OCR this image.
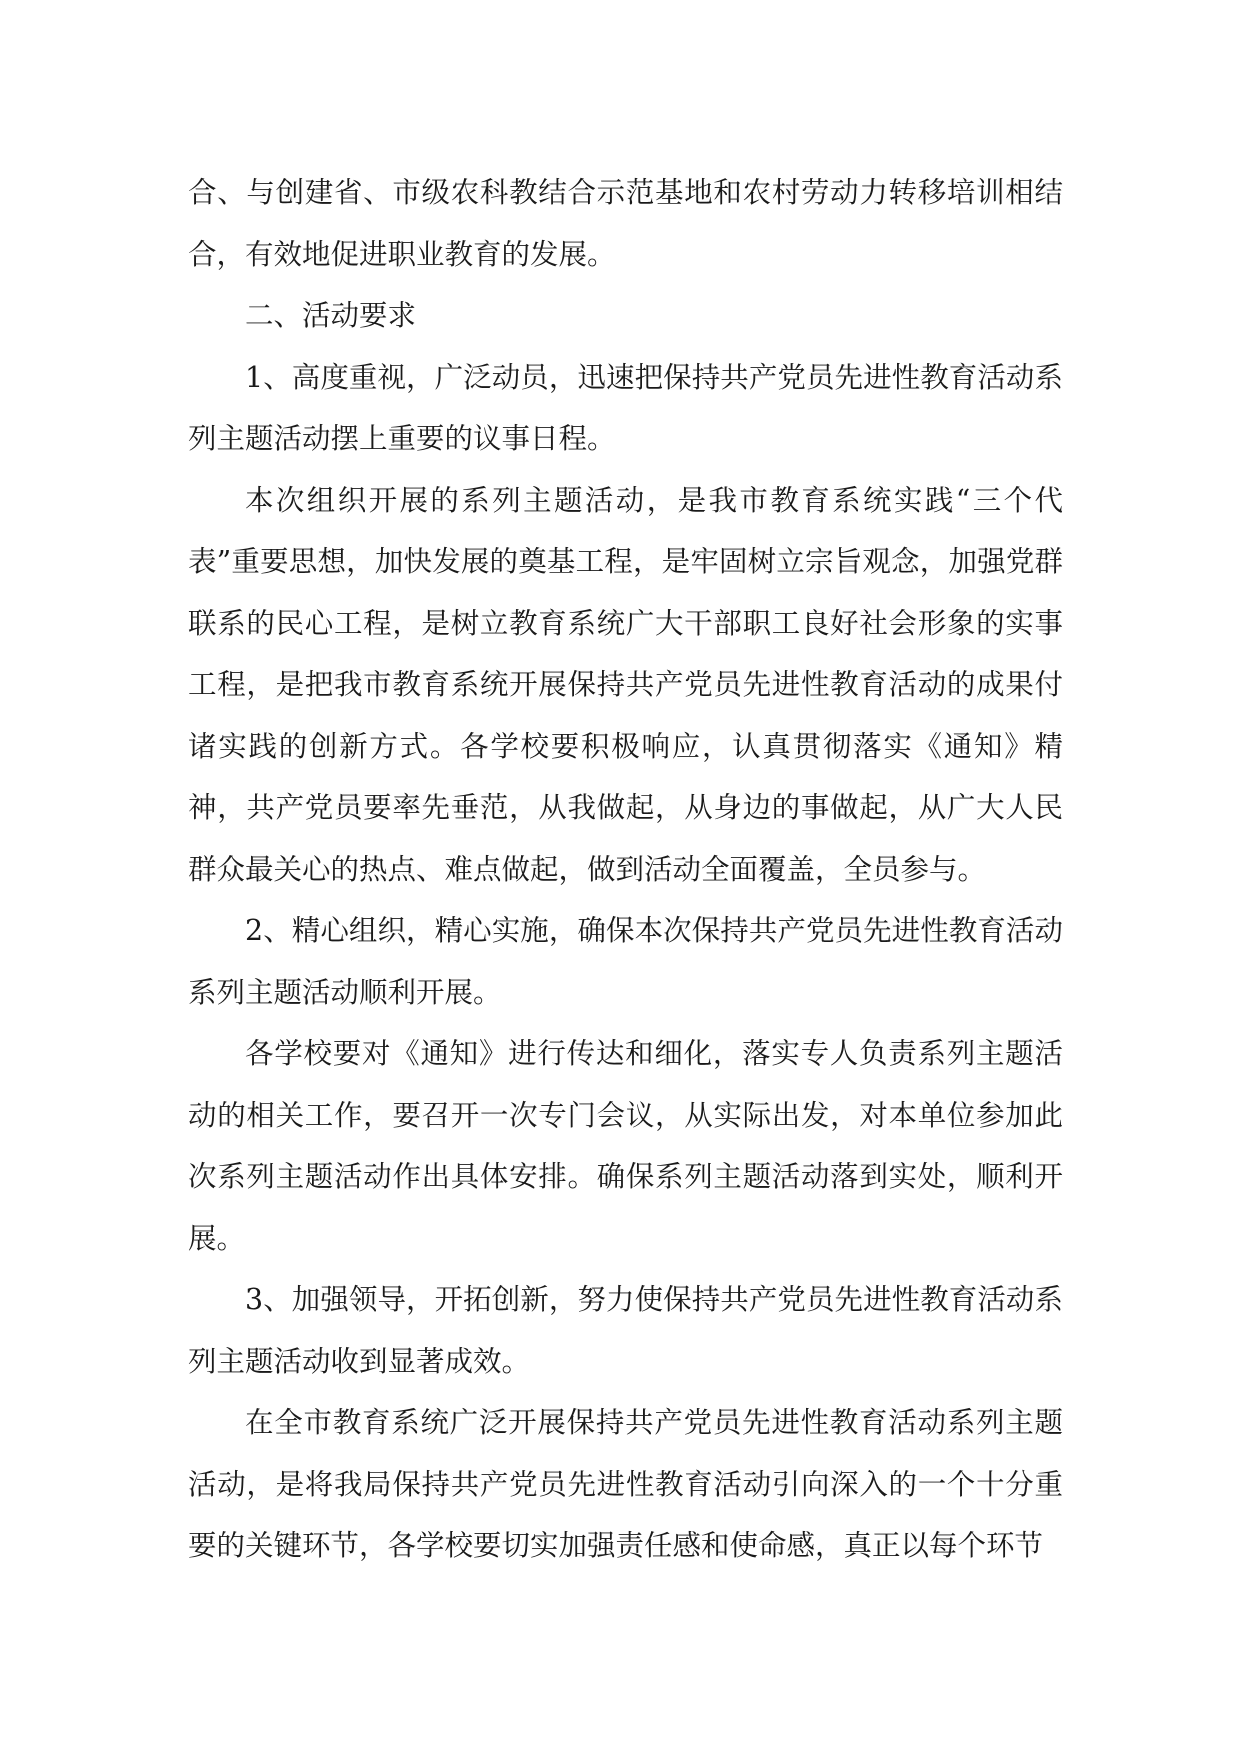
合、与创建省、市级农科教结合示范基地和农村劳动力转移培训相结合，有效地促进职业教育的发展。

二、活动要求

1、高度重视，广泛动员，迅速把保持共产党员先进性教育活动系列主题活动摆上重要的议事日程。

本次组织开展的系列主题活动，是我市教育系统实践“三个代表”重要思想，加快发展的奠基工程，是牢固树立宗旨观念，加强党群联系的民心工程，是树立教育系统广大干部职工良好社会形象的实事工程，是把我市教育系统开展保持共产党员先进性教育活动的成果付诸实践的创新方式。各学校要积极响应，认真贯彻落实《通知》精神，共产党员要率先垂范，从我做起，从身边的事做起，从广大人民群众最关心的热点、难点做起，做到活动全面覆盖，全员参与。

2、精心组织，精心实施，确保本次保持共产党员先进性教育活动系列主题活动顺利开展。

各学校要对《通知》进行传达和细化，落实专人负责系列主题活动的相关工作，要召开一次专门会议，从实际出发，对本单位参加此次系列主题活动作出具体安排。确保系列主题活动落到实处，顺利开展。

3、加强领导，开拓创新，努力使保持共产党员先进性教育活动系列主题活动收到显著成效。

在全市教育系统广泛开展保持共产党员先进性教育活动系列主题活动，是将我局保持共产党员先进性教育活动引向深入的一个十分重要的关键环节，各学校要切实加强责任感和使命感，真正以每个环节
